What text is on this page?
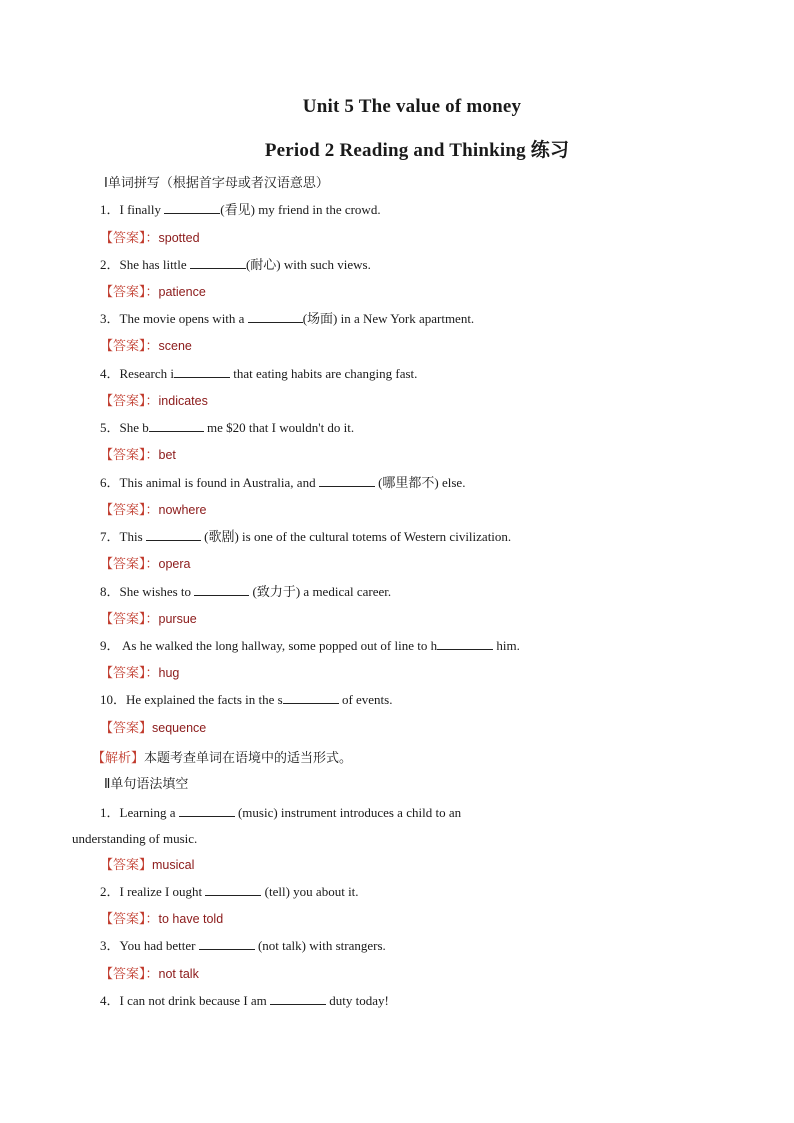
Unit 5 The value of money
Period 2 Reading and Thinking 练习
Ⅰ单词拼写（根据首字母或者汉语意思）
1．I finally	(看见) my friend in the crowd.
【答案】：spotted
2．She has little	(耐心) with such views.
【答案】：patience
3．The movie opens with a	(场面) in a New York apartment.
【答案】：scene
4．Research i	that eating habits are changing fast.
【答案】：indicates
5．She b	me $20 that I wouldn't do it.
【答案】：bet
6．This animal is found in Australia, and	(哪里都不) else.
【答案】：nowhere
7．This	(歌剧) is one of the cultural totems of Western civilization.
【答案】：opera
8．She wishes to	(致力于) a medical career.
【答案】：pursue
9． As he walked the long hallway, some popped out of line to h	him.
【答案】：hug
10．He explained the facts in the s	of events.
【答案】sequence
【解析】本题考查单词在语境中的适当形式。
Ⅱ单句语法填空
1．Learning a	(music) instrument introduces a child to an
understanding of music.
【答案】musical
2．I realize I ought	(tell) you about it.
【答案】：to have told
3．You had better	(not talk) with strangers.
【答案】：not talk
4．I can not drink because I am	duty today!
